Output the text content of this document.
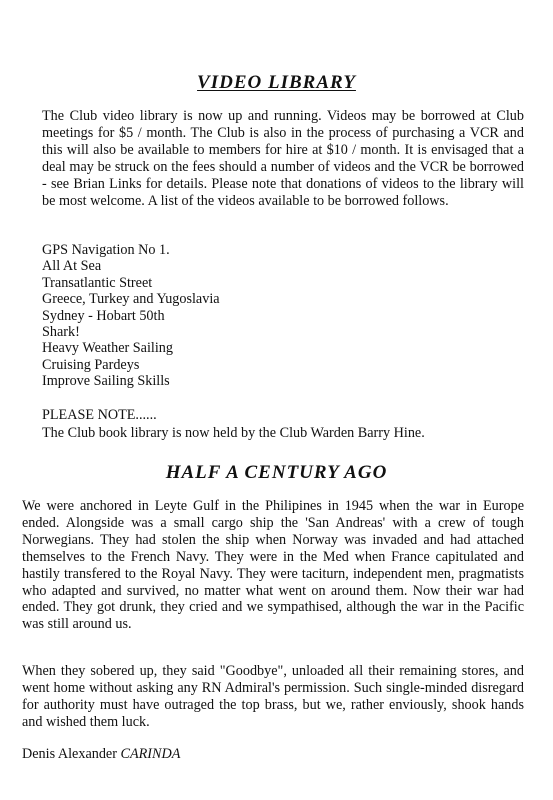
VIDEO LIBRARY

The Club video library is now up and running. Videos may be borrowed at Club meetings for $5 / month. The Club is also in the process of purchasing a VCR and this will also be available to members for hire at $10 / month. It is envisaged that a deal may be struck on the fees should a number of videos and the VCR be borrowed - see Brian Links for details. Please note that donations of videos to the library will be most welcome. A list of the videos available to be borrowed follows.

GPS Navigation No 1.
All At Sea
Transatlantic Street
Greece, Turkey and Yugoslavia
Sydney - Hobart 50th
Shark!
Heavy Weather Sailing
Cruising Pardeys
Improve Sailing Skills

PLEASE NOTE......

The Club book library is now held by the Club Warden Barry Hine.

HALF A CENTURY AGO

We were anchored in Leyte Gulf in the Philipines in 1945 when the war in Europe ended. Alongside was a small cargo ship the 'San Andreas' with a crew of tough Norwegians. They had stolen the ship when Norway was invaded and had attached themselves to the French Navy. They were in the Med when France capitulated and hastily transfered to the Royal Navy. They were taciturn, independent men, pragmatists who adapted and survived, no matter what went on around them. Now their war had ended. They got drunk, they cried and we sympathised, although the war in the Pacific was still around us.

When they sobered up, they said "Goodbye", unloaded all their remaining stores, and went home without asking any RN Admiral's permission. Such single-minded disregard for authority must have outraged the top brass, but we, rather enviously, shook hands and wished them luck.

Denis Alexander CARINDA
